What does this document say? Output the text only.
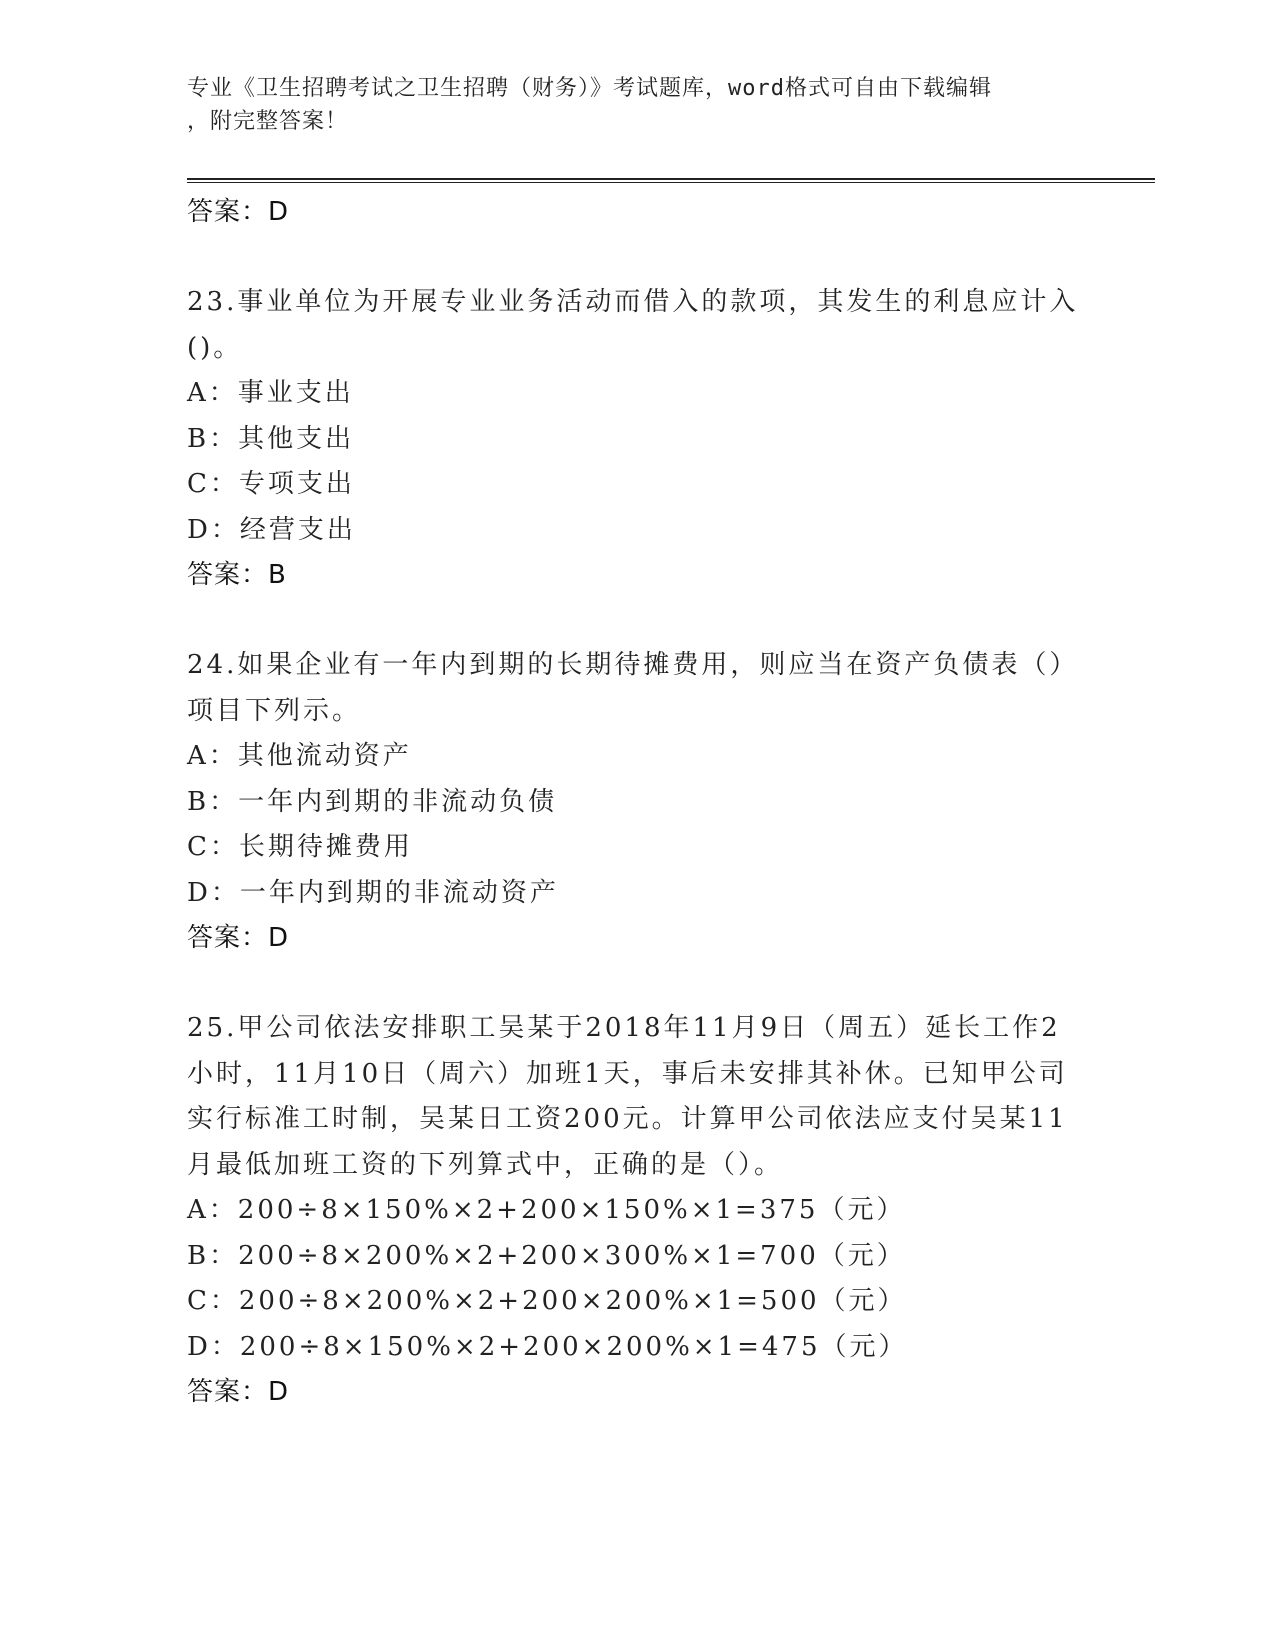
专业《卫生招聘考试之卫生招聘（财务）》考试题库，word格式可自由下载编辑
，附完整答案！
答案：D
23.事业单位为开展专业业务活动而借入的款项，其发生的利息应计入()。
A：事业支出
B：其他支出
C：专项支出
D：经营支出
答案：B
24.如果企业有一年内到期的长期待摊费用，则应当在资产负债表（）项目下列示。
A：其他流动资产
B：一年内到期的非流动负债
C：长期待摊费用
D：一年内到期的非流动资产
答案：D
25.甲公司依法安排职工吴某于2018年11月9日（周五）延长工作2小时，11月10日（周六）加班1天，事后未安排其补休。已知甲公司实行标准工时制，吴某日工资200元。计算甲公司依法应支付吴某11月最低加班工资的下列算式中，正确的是（）。
A：200÷8×150%×2+200×150%×1=375（元）
B：200÷8×200%×2+200×300%×1=700（元）
C：200÷8×200%×2+200×200%×1=500（元）
D：200÷8×150%×2+200×200%×1=475（元）
答案：D
